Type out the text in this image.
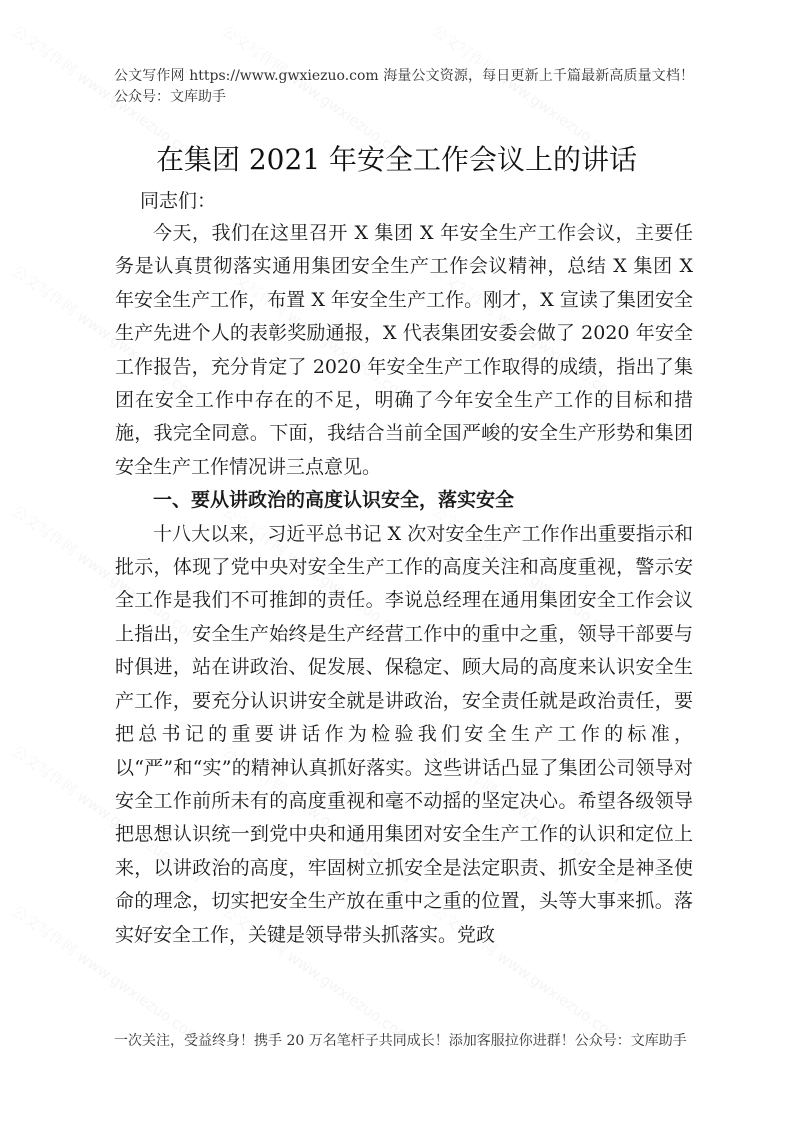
公文写作网 https://www.gwxiezuo.com 海量公文资源，每日更新上千篇最新高质量文档！ 公众号：文库助手
在集团 2021 年安全工作会议上的讲话
同志们：

今天，我们在这里召开 X 集团 X 年安全生产工作会议，主要任务是认真贯彻落实通用集团安全生产工作会议精神，总结 X 集团 X 年安全生产工作，布置 X 年安全生产工作。刚才，X 宣读了集团安全生产先进个人的表彰奖励通报，X 代表集团安委会做了 2020 年安全工作报告，充分肯定了 2020 年安全生产工作取得的成绩，指出了集团在安全工作中存在的不足，明确了今年安全生产工作的目标和措施，我完全同意。下面，我结合当前全国严峻的安全生产形势和集团安全生产工作情况讲三点意见。

一、要从讲政治的高度认识安全，落实安全

十八大以来，习近平总书记 X 次对安全生产工作作出重要指示和批示，体现了党中央对安全生产工作的高度关注和高度重视，警示安全工作是我们不可推卸的责任。李说总经理在通用集团安全工作会议上指出，安全生产始终是生产经营工作中的重中之重，领导干部要与时俱进，站在讲政治、促发展、保稳定、顾大局的高度来认识安全生产工作，要充分认识讲安全就是讲政治，安全责任就是政治责任，要把总书记的重要讲话作为检验我们安全生产工作的标准，以“严”和“实”的精神认真抓好落实。这些讲话凸显了集团公司领导对安全工作前所未有的高度重视和毫不动摇的坚定决心。希望各级领导把思想认识统一到党中央和通用集团对安全生产工作的认识和定位上来，以讲政治的高度，牢固树立抓安全是法定职责、抓安全是神圣使命的理念，切实把安全生产放在重中之重的位置，头等大事来抓。落实好安全工作，关键是领导带头抓落实。党政

一次关注，受益终身！携手 20 万名笔杆子共同成长！添加客服拉你进群！公众号：文库助手
